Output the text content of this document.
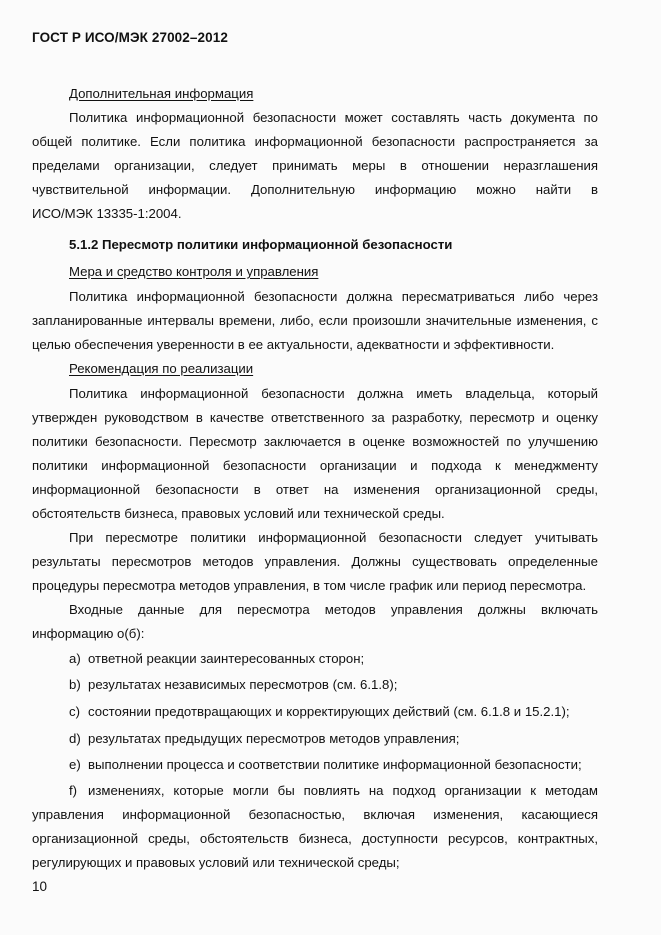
ГОСТ Р ИСО/МЭК 27002–2012
Дополнительная информация
Политика информационной безопасности может составлять часть документа по
общей политике. Если политика информационной безопасности распространяется за
пределами организации, следует принимать меры в отношении неразглашения
чувствительной информации. Дополнительную информацию можно найти в
ИСО/МЭК 13335-1:2004.
5.1.2 Пересмотр политики информационной безопасности
Мера и средство контроля и управления
Политика информационной безопасности должна пересматриваться либо через
запланированные интервалы времени, либо, если произошли значительные изменения, с
целью обеспечения уверенности в ее актуальности, адекватности и эффективности.
Рекомендация по реализации
Политика информационной безопасности должна иметь владельца, который
утвержден руководством в качестве ответственного за разработку, пересмотр и оценку
политики безопасности. Пересмотр заключается в оценке возможностей по улучшению
политики информационной безопасности организации и подхода к менеджменту
информационной безопасности в ответ на изменения организационной среды,
обстоятельств бизнеса, правовых условий или технической среды.
При пересмотре политики информационной безопасности следует учитывать
результаты пересмотров методов управления. Должны существовать определенные
процедуры пересмотра методов управления, в том числе график или период пересмотра.
Входные данные для пересмотра методов управления должны включать
информацию о(б):
a) ответной реакции заинтересованных сторон;
b) результатах независимых пересмотров (см. 6.1.8);
c) состоянии предотвращающих и корректирующих действий (см. 6.1.8 и 15.2.1);
d) результатах предыдущих пересмотров методов управления;
e) выполнении процесса и соответствии политике информационной безопасности;
f) изменениях, которые могли бы повлиять на подход организации к методам
управления информационной безопасностью, включая изменения, касающиеся
организационной среды, обстоятельств бизнеса, доступности ресурсов, контрактных,
регулирующих и правовых условий или технической среды;
10
